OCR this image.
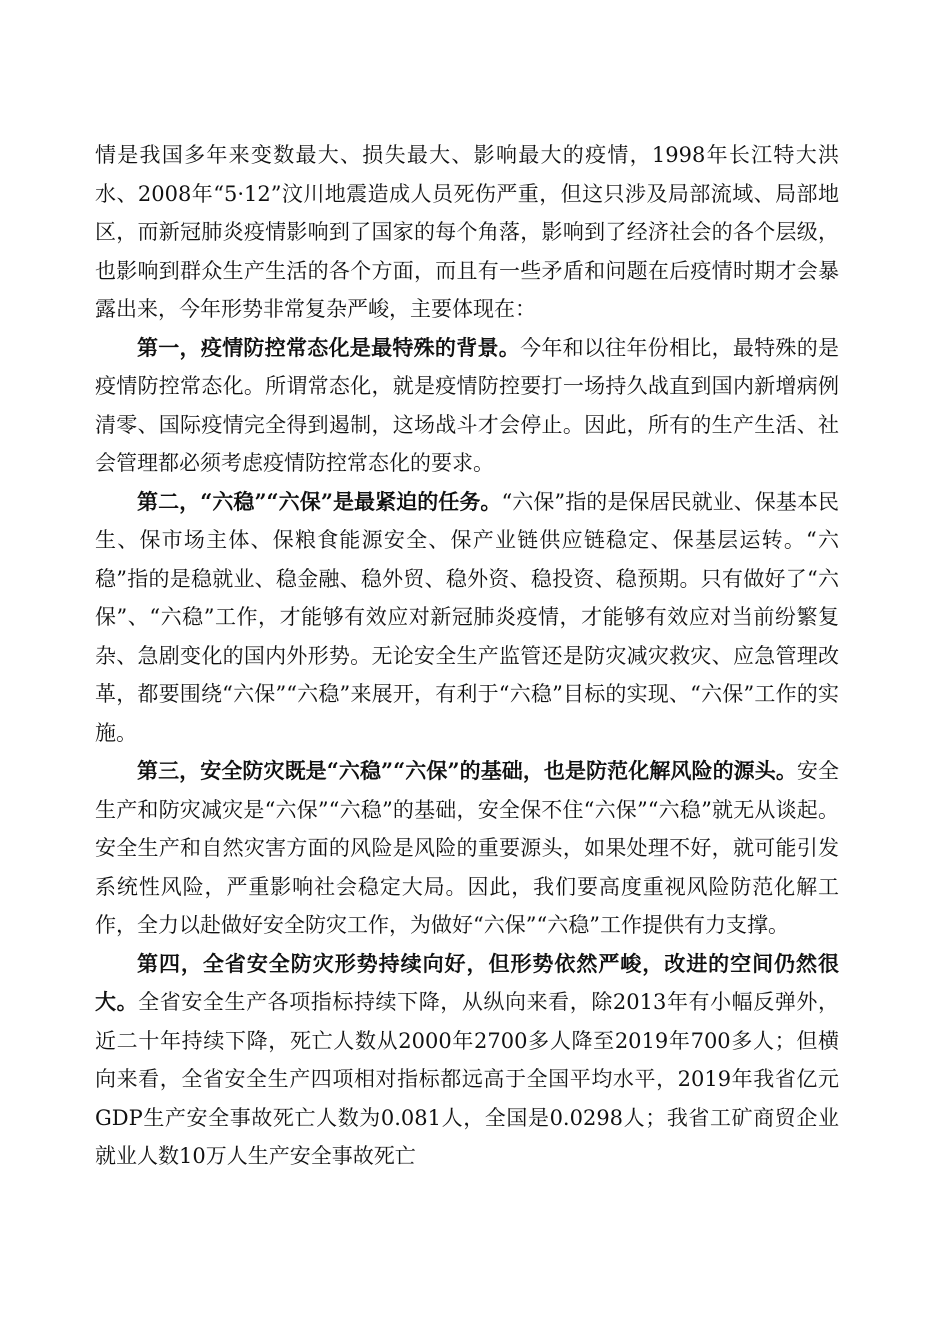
情是我国多年来变数最大、损失最大、影响最大的疫情，1998年长江特大洪水、2008年“5·12”汶川地震造成人员死伤严重，但这只涉及局部流域、局部地区，而新冠肺炎疫情影响到了国家的每个角落，影响到了经济社会的各个层级，也影响到群众生产生活的各个方面，而且有一些矛盾和问题在后疫情时期才会暴露出来，今年形势非常复杂严峻，主要体现在：

第一，疫情防控常态化是最特殊的背景。今年和以往年份相比，最特殊的是疫情防控常态化。所谓常态化，就是疫情防控要打一场持久战直到国内新增病例清零、国际疫情完全得到遏制，这场战斗才会停止。因此，所有的生产生活、社会管理都必须考虑疫情防控常态化的要求。

第二，“六稳”“六保”是最紧迫的任务。“六保”指的是保居民就业、保基本民生、保市场主体、保粮食能源安全、保产业链供应链稳定、保基层运转。“六稳”指的是稳就业、稳金融、稳外贸、稳外资、稳投资、稳预期。只有做好了“六保”、“六稳”工作，才能够有效应对新冠肺炎疫情，才能够有效应对当前纷繁复杂、急剧变化的国内外形势。无论安全生产监管还是防灾减灾救灾、应急管理改革，都要围绕“六保”“六稳”来展开，有利于“六稳”目标的实现、“六保”工作的实施。

第三，安全防灾既是“六稳”“六保”的基础，也是防范化解风险的源头。安全生产和防灾减灾是“六保”“六稳”的基础，安全保不住“六保”“六稳”就无从谈起。安全生产和自然灾害方面的风险是风险的重要源头，如果处理不好，就可能引发系统性风险，严重影响社会稳定大局。因此，我们要高度重视风险防范化解工作，全力以赴做好安全防灾工作，为做好“六保”“六稳”工作提供有力支撑。

第四，全省安全防灾形势持续向好，但形势依然严峻，改进的空间仍然很大。全省安全生产各项指标持续下降，从纵向来看，除2013年有小幅反弹外，近二十年持续下降，死亡人数从2000年2700多人降至2019年700多人；但横向来看，全省安全生产四项相对指标都远高于全国平均水平，2019年我省亿元GDP生产安全事故死亡人数为0.081人，全国是0.0298人；我省工矿商贸企业就业人数10万人生产安全事故死亡
